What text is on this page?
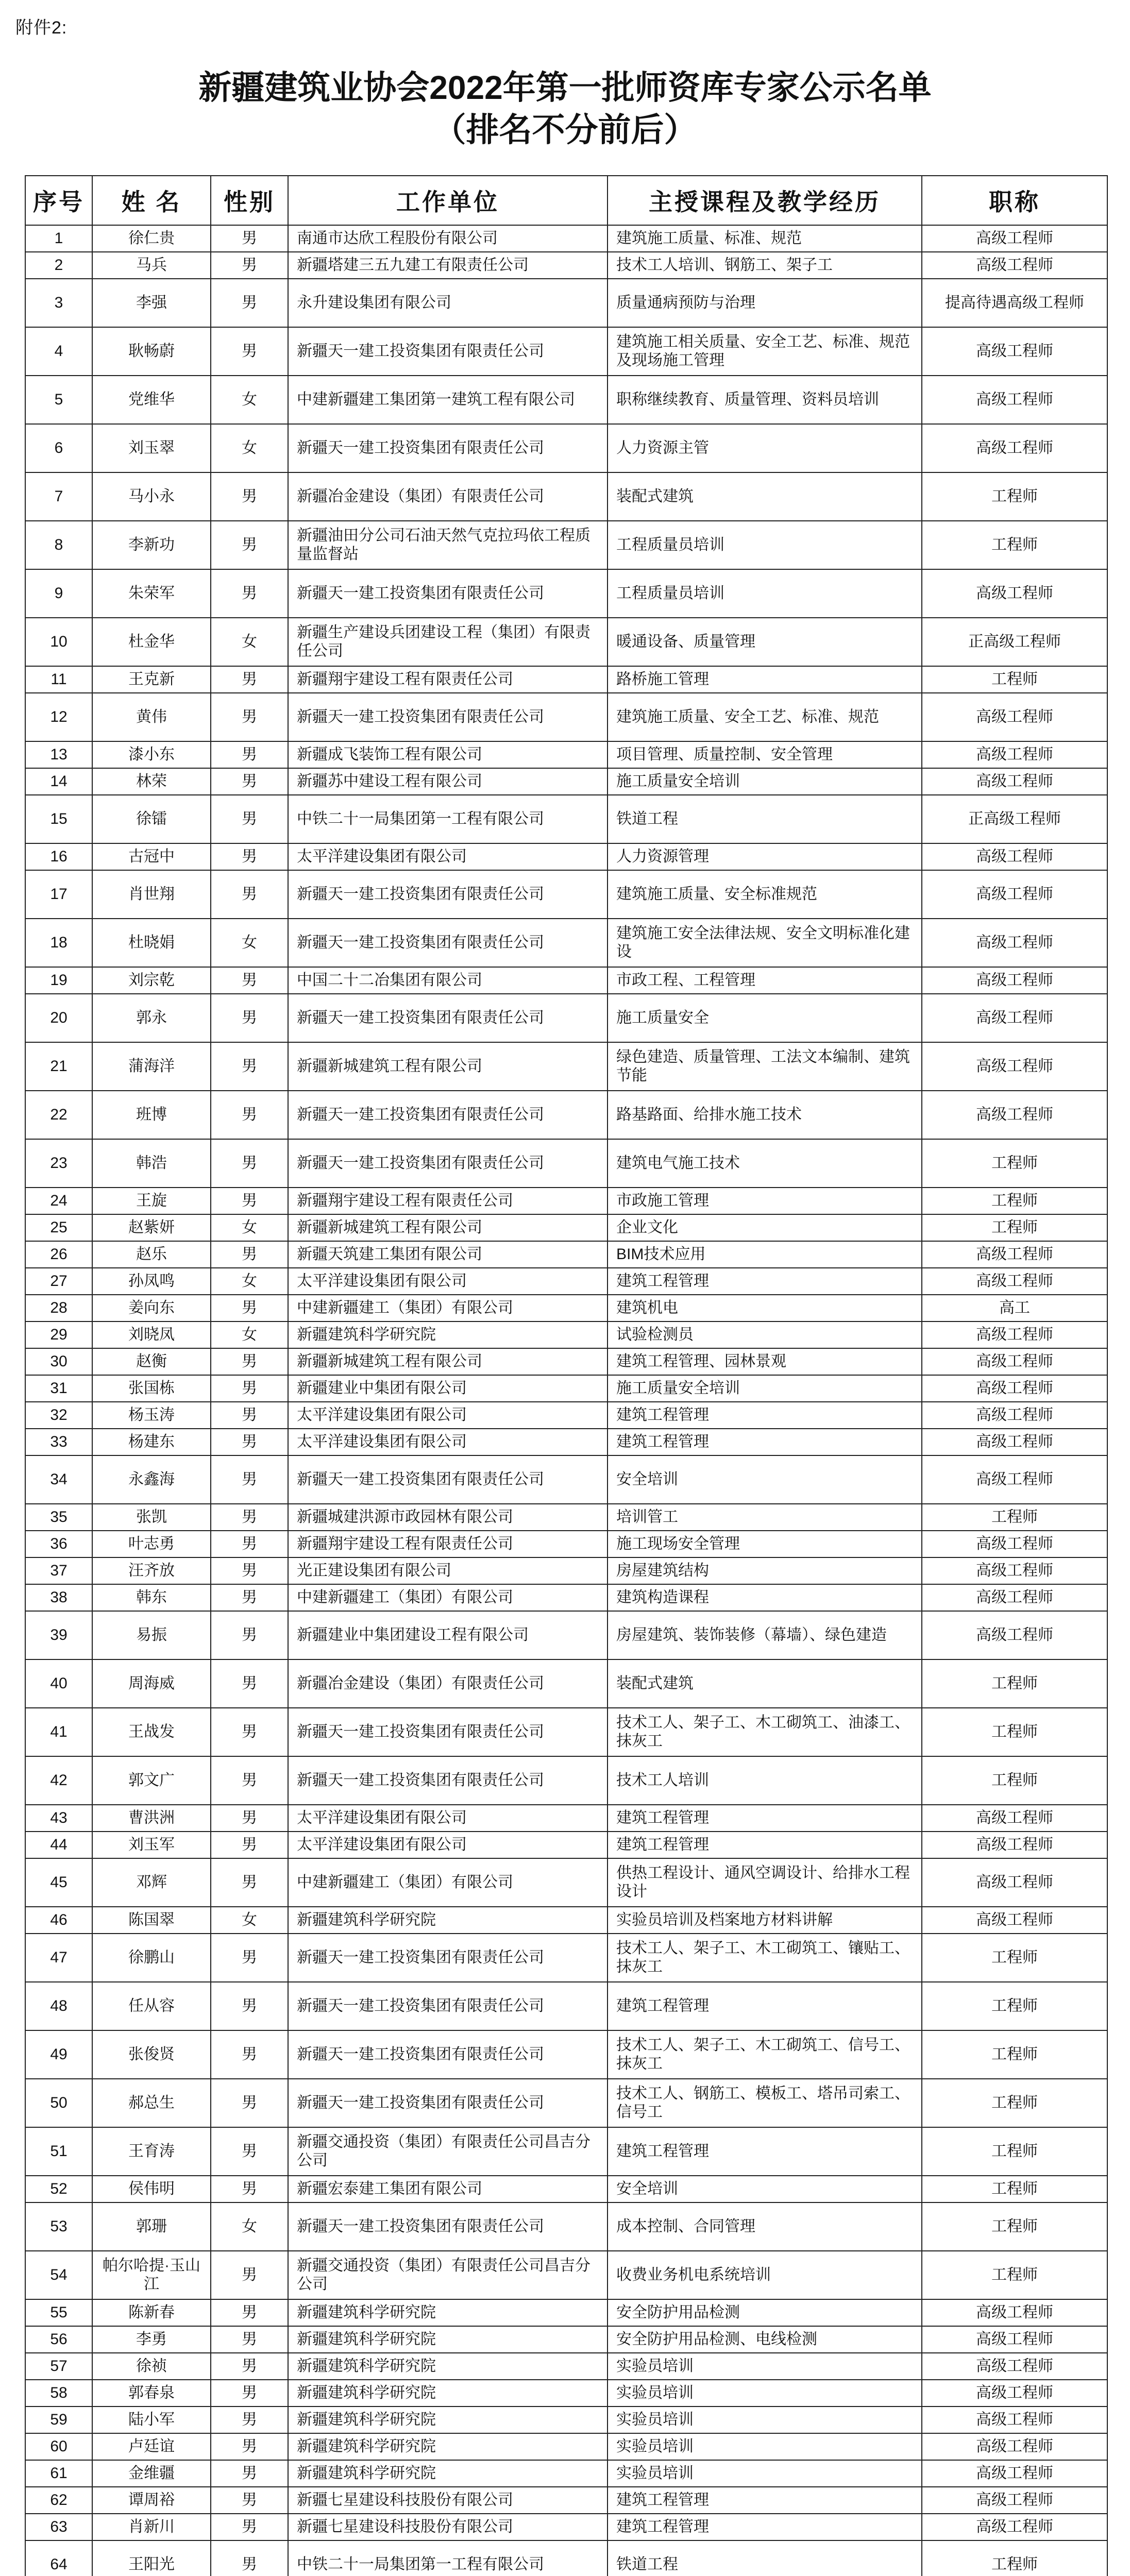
附件2:
新疆建筑业协会2022年第一批师资库专家公示名单
（排名不分前后）
序号	姓 名	性别	工作单位	主授课程及教学经历	职称
1	徐仁贵	男	南通市达欣工程股份有限公司	建筑施工质量、标准、规范	高级工程师
2	马兵	男	新疆塔建三五九建工有限责任公司	技术工人培训、钢筋工、架子工	高级工程师
3	李强	男	永升建设集团有限公司	质量通病预防与治理	提高待遇高级工程师
4	耿畅蔚	男	新疆天一建工投资集团有限责任公司	建筑施工相关质量、安全工艺、标准、规范及现场施工管理	高级工程师
5	党维华	女	中建新疆建工集团第一建筑工程有限公司	职称继续教育、质量管理、资料员培训	高级工程师
6	刘玉翠	女	新疆天一建工投资集团有限责任公司	人力资源主管	高级工程师
7	马小永	男	新疆冶金建设（集团）有限责任公司	装配式建筑	工程师
8	李新功	男	新疆油田分公司石油天然气克拉玛依工程质量监督站	工程质量员培训	工程师
9	朱荣军	男	新疆天一建工投资集团有限责任公司	工程质量员培训	高级工程师
10	杜金华	女	新疆生产建设兵团建设工程（集团）有限责任公司	暖通设备、质量管理	正高级工程师
11	王克新	男	新疆翔宇建设工程有限责任公司	路桥施工管理	工程师
12	黄伟	男	新疆天一建工投资集团有限责任公司	建筑施工质量、安全工艺、标准、规范	高级工程师
13	漆小东	男	新疆成飞装饰工程有限公司	项目管理、质量控制、安全管理	高级工程师
14	林荣	男	新疆苏中建设工程有限公司	施工质量安全培训	高级工程师
15	徐镭	男	中铁二十一局集团第一工程有限公司	铁道工程	正高级工程师
16	古冠中	男	太平洋建设集团有限公司	人力资源管理	高级工程师
17	肖世翔	男	新疆天一建工投资集团有限责任公司	建筑施工质量、安全标准规范	高级工程师
18	杜晓娟	女	新疆天一建工投资集团有限责任公司	建筑施工安全法律法规、安全文明标准化建设	高级工程师
19	刘宗乾	男	中国二十二冶集团有限公司	市政工程、工程管理	高级工程师
20	郭永	男	新疆天一建工投资集团有限责任公司	施工质量安全	高级工程师
21	蒲海洋	男	新疆新城建筑工程有限公司	绿色建造、质量管理、工法文本编制、建筑节能	高级工程师
22	班博	男	新疆天一建工投资集团有限责任公司	路基路面、给排水施工技术	高级工程师
23	韩浩	男	新疆天一建工投资集团有限责任公司	建筑电气施工技术	工程师
24	王旋	男	新疆翔宇建设工程有限责任公司	市政施工管理	工程师
25	赵紫妍	女	新疆新城建筑工程有限公司	企业文化	工程师
26	赵乐	男	新疆天筑建工集团有限公司	BIM技术应用	高级工程师
27	孙凤鸣	女	太平洋建设集团有限公司	建筑工程管理	高级工程师
28	姜向东	男	中建新疆建工（集团）有限公司	建筑机电	高工
29	刘晓凤	女	新疆建筑科学研究院	试验检测员	高级工程师
30	赵衡	男	新疆新城建筑工程有限公司	建筑工程管理、园林景观	高级工程师
31	张国栋	男	新疆建业中集团有限公司	施工质量安全培训	高级工程师
32	杨玉涛	男	太平洋建设集团有限公司	建筑工程管理	高级工程师
33	杨建东	男	太平洋建设集团有限公司	建筑工程管理	高级工程师
34	永鑫海	男	新疆天一建工投资集团有限责任公司	安全培训	高级工程师
35	张凯	男	新疆城建洪源市政园林有限公司	培训管工	工程师
36	叶志勇	男	新疆翔宇建设工程有限责任公司	施工现场安全管理	高级工程师
37	汪齐放	男	光正建设集团有限公司	房屋建筑结构	高级工程师
38	韩东	男	中建新疆建工（集团）有限公司	建筑构造课程	高级工程师
39	易振	男	新疆建业中集团建设工程有限公司	房屋建筑、装饰装修（幕墙）、绿色建造	高级工程师
40	周海威	男	新疆冶金建设（集团）有限责任公司	装配式建筑	工程师
41	王战发	男	新疆天一建工投资集团有限责任公司	技术工人、架子工、木工砌筑工、油漆工、抹灰工	工程师
42	郭文广	男	新疆天一建工投资集团有限责任公司	技术工人培训	工程师
43	曹洪洲	男	太平洋建设集团有限公司	建筑工程管理	高级工程师
44	刘玉军	男	太平洋建设集团有限公司	建筑工程管理	高级工程师
45	邓辉	男	中建新疆建工（集团）有限公司	供热工程设计、通风空调设计、给排水工程设计	高级工程师
46	陈国翠	女	新疆建筑科学研究院	实验员培训及档案地方材料讲解	高级工程师
47	徐鹏山	男	新疆天一建工投资集团有限责任公司	技术工人、架子工、木工砌筑工、镶贴工、抹灰工	工程师
48	任从容	男	新疆天一建工投资集团有限责任公司	建筑工程管理	工程师
49	张俊贤	男	新疆天一建工投资集团有限责任公司	技术工人、架子工、木工砌筑工、信号工、抹灰工	工程师
50	郝总生	男	新疆天一建工投资集团有限责任公司	技术工人、钢筋工、模板工、塔吊司索工、信号工	工程师
51	王育涛	男	新疆交通投资（集团）有限责任公司昌吉分公司	建筑工程管理	工程师
52	侯伟明	男	新疆宏泰建工集团有限公司	安全培训	工程师
53	郭珊	女	新疆天一建工投资集团有限责任公司	成本控制、合同管理	工程师
54	帕尔哈提·玉山江	男	新疆交通投资（集团）有限责任公司昌吉分公司	收费业务机电系统培训	工程师
55	陈新春	男	新疆建筑科学研究院	安全防护用品检测	高级工程师
56	李勇	男	新疆建筑科学研究院	安全防护用品检测、电线检测	高级工程师
57	徐祯	男	新疆建筑科学研究院	实验员培训	高级工程师
58	郭春泉	男	新疆建筑科学研究院	实验员培训	高级工程师
59	陆小军	男	新疆建筑科学研究院	实验员培训	高级工程师
60	卢廷谊	男	新疆建筑科学研究院	实验员培训	高级工程师
61	金维疆	男	新疆建筑科学研究院	实验员培训	高级工程师
62	谭周裕	男	新疆七星建设科技股份有限公司	建筑工程管理	高级工程师
63	肖新川	男	新疆七星建设科技股份有限公司	建筑工程管理	高级工程师
64	王阳光	男	中铁二十一局集团第一工程有限公司	铁道工程	工程师
